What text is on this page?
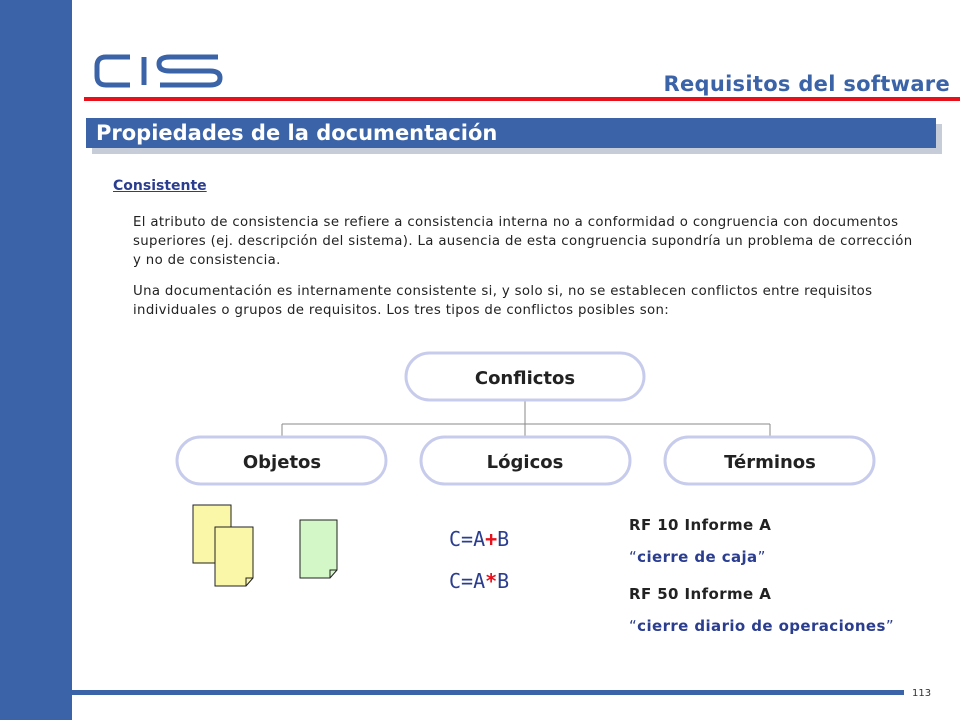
Requisitos del software
Propiedades de la documentación
Consistente
El atributo de consistencia se refiere a consistencia interna no a conformidad o congruencia con documentos superiores (ej. descripción del sistema). La ausencia de esta congruencia supondría un problema de corrección y no de consistencia.
Una documentación es internamente consistente si, y solo si, no se establecen conflictos entre requisitos individuales o grupos de requisitos. Los tres tipos de conflictos posibles son:
Conflictos
Objetos	Lógicos	Términos
C=A+B
C=A*B
RF 10 Informe A
“cierre de caja”
RF 50 Informe A
“cierre diario de operaciones”
113
